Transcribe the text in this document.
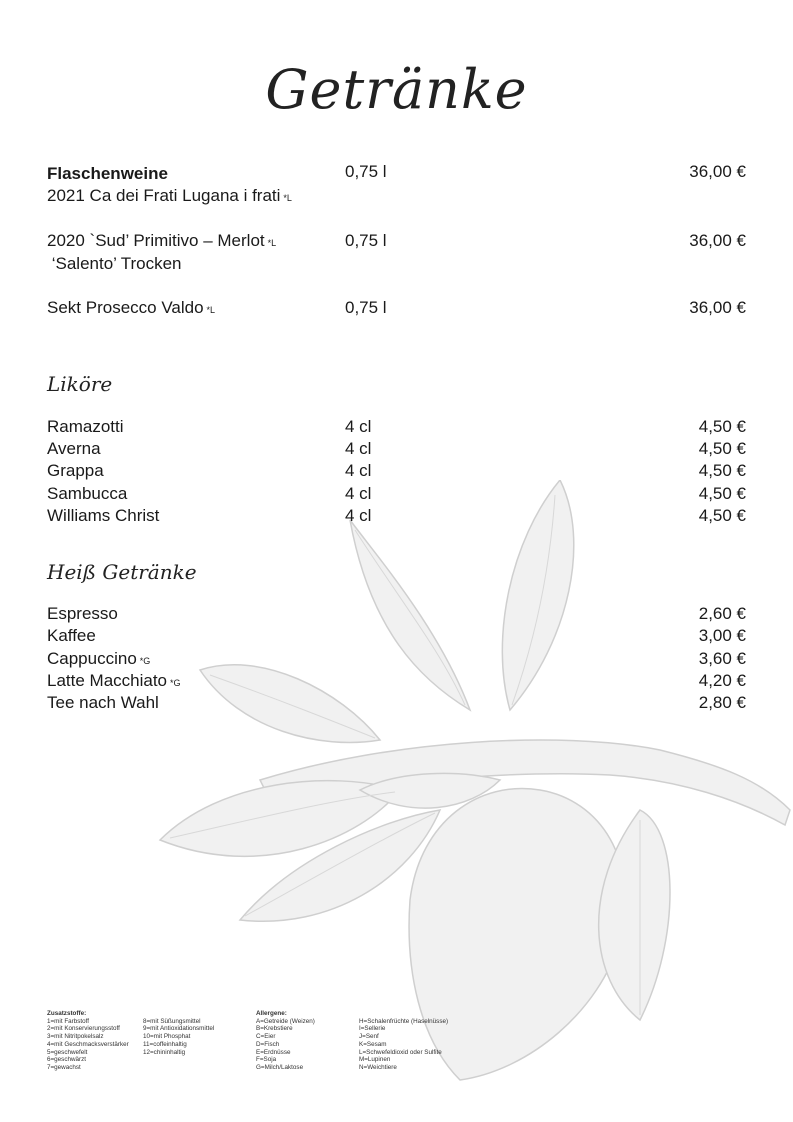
Getränke
Flaschenweine
2021 Ca dei Frati Lugana i frati *L
0,75 l	36,00 €
2020 `Sud’ Primitivo – Merlot *L	0,75 l	36,00 €
‘Salento’ Trocken
Sekt Prosecco Valdo *L	0,75 l	36,00 €
Liköre
Ramazotti	4 cl	4,50 €
Averna	4 cl	4,50 €
Grappa	4 cl	4,50 €
Sambucca	4 cl	4,50 €
Williams Christ	4 cl	4,50 €
Heiß Getränke
Espresso	2,60 €
Kaffee	3,00 €
Cappuccino *G	3,60 €
Latte Macchiato *G	4,20 €
Tee nach Wahl	2,80 €
Zusatzstoffe:
1=mit Farbstoff
2=mit Konservierungsstoff
3=mit Nitritpokelsalz
4=mit Geschmacksverstärker
5=geschwefelt
6=geschwärzt
7=gewachst
8=mit Süßungsmittel
9=mit Antioxidationsmittel
10=mit Phosphat
11=coffeinhaltig
12=chininhaltig
Allergene:
A=Getreide (Weizen)
B=Krebstiere
C=Eier
D=Fisch
E=Erdnüsse
F=Soja
G=Milch/Laktose
H=Schalenfrüchte (Haselnüsse)
I=Sellerie
J=Senf
K=Sesam
L=Schwefeldioxid oder Sulfite
M=Lupinen
N=Weichtiere
